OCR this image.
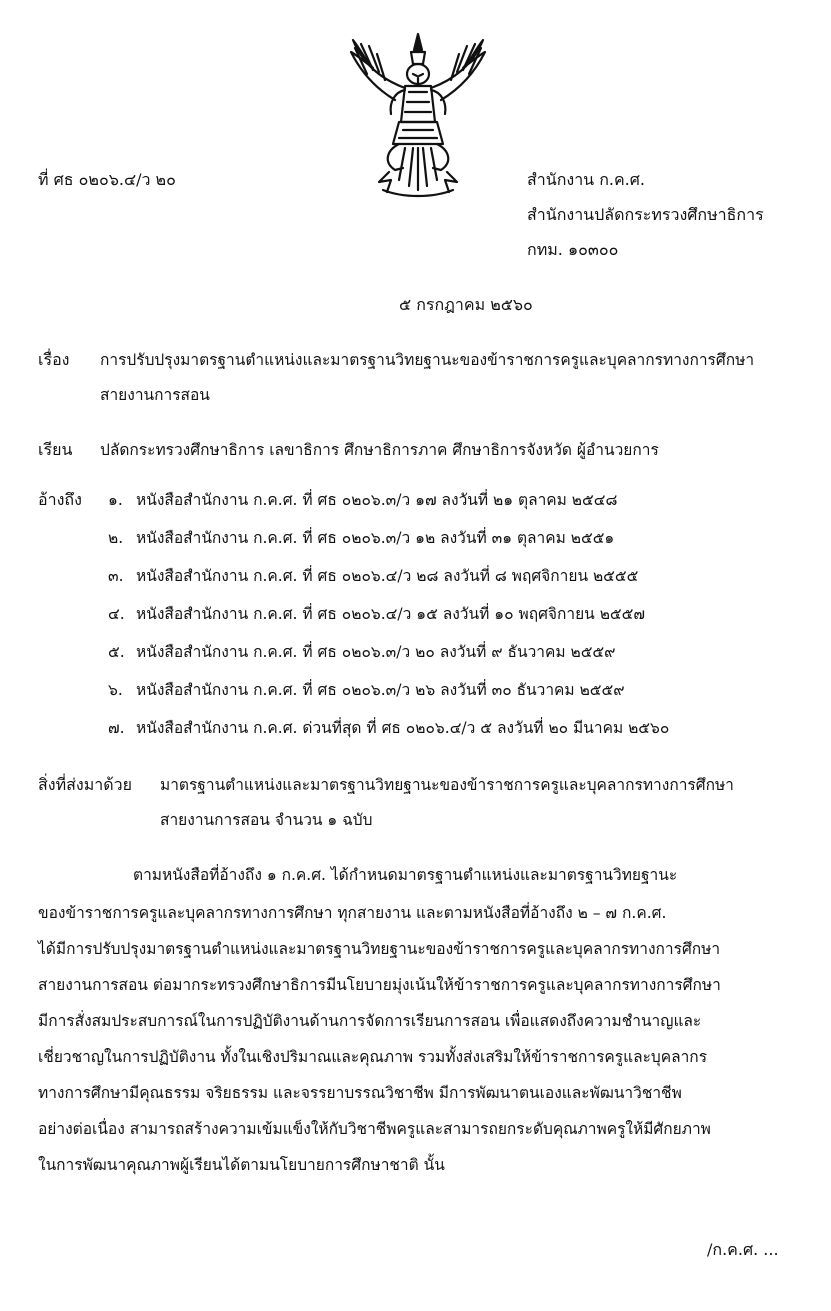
ที่ ศธ ๐๒๐๖.๔/ว ๒๐	สำนักงาน ก.ค.ศ.
สำนักงานปลัดกระทรวงศึกษาธิการ
กทม. ๑๐๓๐๐
๕ กรกฎาคม ๒๕๖๐
เรื่อง การปรับปรุงมาตรฐานตำแหน่งและมาตรฐานวิทยฐานะของข้าราชการครูและบุคลากรทางการศึกษา
สายงานการสอน
เรียน ปลัดกระทรวงศึกษาธิการ เลขาธิการ ศึกษาธิการภาค ศึกษาธิการจังหวัด ผู้อำนวยการ
อ้างถึง ๑. หนังสือสำนักงาน ก.ค.ศ. ที่ ศธ ๐๒๐๖.๓/ว ๑๗ ลงวันที่ ๒๑ ตุลาคม ๒๕๔๘
๒. หนังสือสำนักงาน ก.ค.ศ. ที่ ศธ ๐๒๐๖.๓/ว ๑๒ ลงวันที่ ๓๑ ตุลาคม ๒๕๕๑
๓. หนังสือสำนักงาน ก.ค.ศ. ที่ ศธ ๐๒๐๖.๔/ว ๒๘ ลงวันที่ ๘ พฤศจิกายน ๒๕๕๕
๔. หนังสือสำนักงาน ก.ค.ศ. ที่ ศธ ๐๒๐๖.๔/ว ๑๕ ลงวันที่ ๑๐ พฤศจิกายน ๒๕๕๗
๕. หนังสือสำนักงาน ก.ค.ศ. ที่ ศธ ๐๒๐๖.๓/ว ๒๐ ลงวันที่ ๙ ธันวาคม ๒๕๕๙
๖. หนังสือสำนักงาน ก.ค.ศ. ที่ ศธ ๐๒๐๖.๓/ว ๒๖ ลงวันที่ ๓๐ ธันวาคม ๒๕๕๙
๗. หนังสือสำนักงาน ก.ค.ศ. ด่วนที่สุด ที่ ศธ ๐๒๐๖.๔/ว ๕ ลงวันที่ ๒๐ มีนาคม ๒๕๖๐
สิ่งที่ส่งมาด้วย มาตรฐานตำแหน่งและมาตรฐานวิทยฐานะของข้าราชการครูและบุคลากรทางการศึกษา
สายงานการสอน จำนวน ๑ ฉบับ
ตามหนังสือที่อ้างถึง ๑ ก.ค.ศ. ได้กำหนดมาตรฐานตำแหน่งและมาตรฐานวิทยฐานะ
ของข้าราชการครูและบุคลากรทางการศึกษา ทุกสายงาน และตามหนังสือที่อ้างถึง ๒ – ๗ ก.ค.ศ.
ได้มีการปรับปรุงมาตรฐานตำแหน่งและมาตรฐานวิทยฐานะของข้าราชการครูและบุคลากรทางการศึกษา
สายงานการสอน ต่อมากระทรวงศึกษาธิการมีนโยบายมุ่งเน้นให้ข้าราชการครูและบุคลากรทางการศึกษา
มีการสั่งสมประสบการณ์ในการปฏิบัติงานด้านการจัดการเรียนการสอน เพื่อแสดงถึงความชำนาญและ
เชี่ยวชาญในการปฏิบัติงาน ทั้งในเชิงปริมาณและคุณภาพ รวมทั้งส่งเสริมให้ข้าราชการครูและบุคลากร
ทางการศึกษามีคุณธรรม จริยธรรม และจรรยาบรรณวิชาชีพ มีการพัฒนาตนเองและพัฒนาวิชาชีพ
อย่างต่อเนื่อง สามารถสร้างความเข้มแข็งให้กับวิชาชีพครูและสามารถยกระดับคุณภาพครูให้มีศักยภาพ
ในการพัฒนาคุณภาพผู้เรียนได้ตามนโยบายการศึกษาชาติ นั้น
/ก.ค.ศ. ...
